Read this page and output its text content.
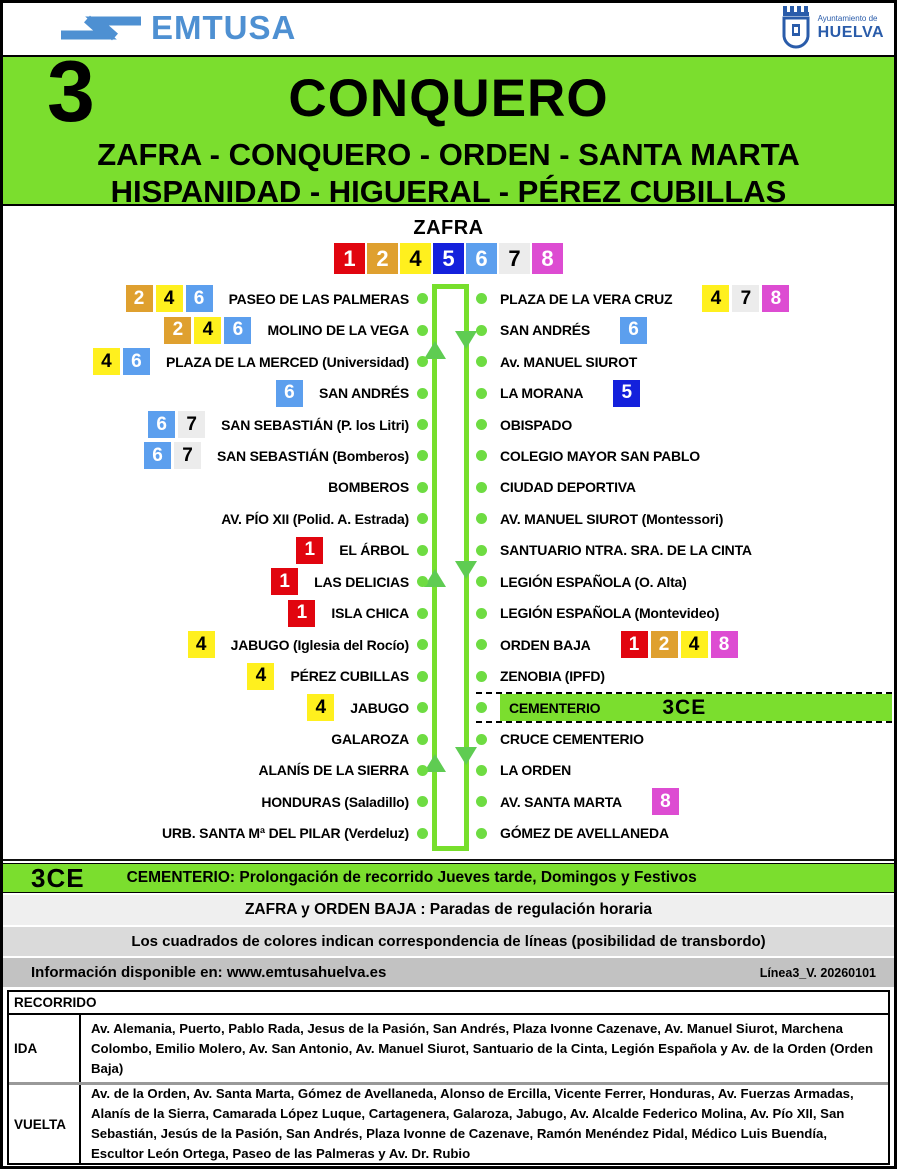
EMTUSA	Ayuntamiento de
HUELVA
3	CONQUERO
ZAFRA - CONQUERO - ORDEN - SANTA MARTA
HISPANIDAD - HIGUERAL - PÉREZ CUBILLAS
ZAFRA
1 2 4 5 6 7 8
2	4	6	PASEO DE LAS PALMERAS
2	4	6	MOLINO DE LA VEGA
4	6	PLAZA DE LA MERCED (Universidad)
6	SAN ANDRÉS
6	7	SAN SEBASTIÁN (P. los Litri)
6	7	SAN SEBASTIÁN (Bomberos)
BOMBEROS
AV. PÍO XII (Polid. A. Estrada)
1	EL ÁRBOL
1	LAS DELICIAS
1	ISLA CHICA
4	JABUGO (Iglesia del Rocío)
4	PÉREZ CUBILLAS
4	JABUGO
GALAROZA
ALANÍS DE LA SIERRA
HONDURAS (Saladillo)
URB. SANTA Mª DEL PILAR (Verdeluz)
PLAZA DE LA VERA CRUZ	4	7	8
SAN ANDRÉS	6
Av. MANUEL SIUROT
LA MORANA	5
OBISPADO
COLEGIO MAYOR SAN PABLO
CIUDAD DEPORTIVA
AV. MANUEL SIUROT (Montessori)
SANTUARIO NTRA. SRA. DE LA CINTA
LEGIÓN ESPAÑOLA (O. Alta)
LEGIÓN ESPAÑOLA (Montevideo)
ORDEN BAJA	1	2	4	8
ZENOBIA (IPFD)
CEMENTERIO	3CE
CRUCE CEMENTERIO
LA ORDEN
AV. SANTA MARTA	8
GÓMEZ DE AVELLANEDA
3CE	CEMENTERIO: Prolongación de recorrido Jueves tarde, Domingos y Festivos
ZAFRA y ORDEN BAJA : Paradas de regulación horaria
Los cuadrados de colores indican correspondencia de líneas (posibilidad de transbordo)
Información disponible en: www.emtusahuelva.es	Línea3_V. 20260101
RECORRIDO
IDA
Av. Alemania, Puerto, Pablo Rada, Jesus de la Pasión, San Andrés, Plaza Ivonne Cazenave, Av. Manuel Siurot, Marchena Colombo, Emilio Molero, Av. San Antonio, Av. Manuel Siurot, Santuario de la Cinta, Legión Española y Av. de la Orden (Orden Baja)
VUELTA
Av. de la Orden, Av. Santa Marta, Gómez de Avellaneda, Alonso de Ercilla, Vicente Ferrer, Honduras, Av. Fuerzas Armadas, Alanís de la Sierra, Camarada López Luque, Cartagenera, Galaroza, Jabugo, Av. Alcalde Federico Molina, Av. Pío XII, San Sebastián, Jesús de la Pasión, San Andrés, Plaza Ivonne de Cazenave, Ramón Menéndez Pidal, Médico Luis Buendía, Escultor León Ortega, Paseo de las Palmeras y Av. Dr. Rubio
